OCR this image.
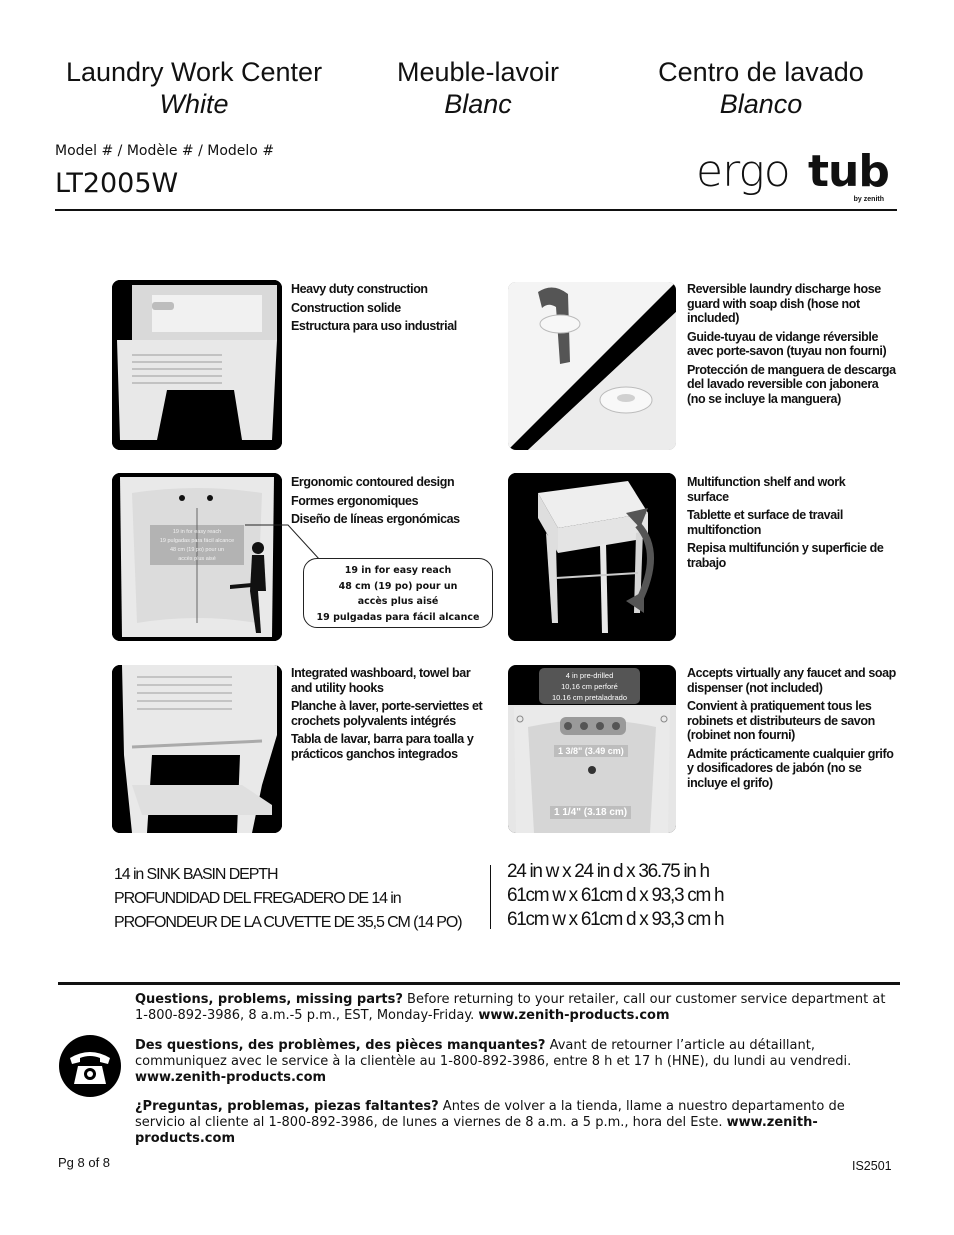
Laundry Work Center
White
Meuble-lavoir
Blanc
Centro de lavado
Blanco
Model # / Modèle # / Modelo #
LT2005W	ergo tub
by zenith
Heavy duty construction
Construction solide
Estructura para uso industrial
Reversible laundry discharge hose guard with soap dish (hose not included)
Guide-tuyau de vidange réversible avec porte-savon (tuyau non fourni)
Protección de manguera de descarga del lavado reversible con jabonera (no se incluye la manguera)
19 in for easy reach
19 pulgadas para fácil alcance
48 cm (19 po) pour un
accès plus aisé
Ergonomic contoured design
Formes ergonomiques
Diseño de líneas ergonómicas
19 in for easy reach
48 cm (19 po) pour un
accès plus aisé
19 pulgadas para fácil alcance
Multifunction shelf and work surface
Tablette et surface de travail multifonction
Repisa multifunción y superficie de trabajo
Integrated washboard, towel bar and utility hooks
Planche à laver, porte-serviettes et crochets polyvalents intégrés
Tabla de lavar, barra para toalla y prácticos ganchos integrados
4 in pre-drilled
10,16 cm perforé
10.16 cm pretaladrado
1 3/8" (3.49 cm)
1 1/4" (3.18 cm)
Accepts virtually any faucet and soap dispenser (not included)
Convient à pratiquement tous les robinets et distributeurs de savon (robinet non fourni)
Admite prácticamente cualquier grifo y dosificadores de jabón (no se incluye el grifo)
14 in SINK BASIN DEPTH
PROFUNDIDAD DEL FREGADERO DE 14 in
PROFONDEUR DE LA CUVETTE DE 35,5 CM (14 PO)
24 in w x 24 in d x 36.75 in h
61cm w x 61cm d x 93,3 cm h
61cm w x 61cm d x 93,3 cm h
Questions, problems, missing parts? Before returning to your retailer, call our customer service department at 1-800-892-3986, 8 a.m.-5 p.m., EST, Monday-Friday. www.zenith-products.com
Des questions, des problèmes, des pièces manquantes? Avant de retourner l’article au détaillant, communiquez avec le service à la clientèle au 1-800-892-3986, entre 8 h et 17 h (HNE), du lundi au vendredi. www.zenith-products.com
¿Preguntas, problemas, piezas faltantes? Antes de volver a la tienda, llame a nuestro departamento de servicio al cliente al 1-800-892-3986, de lunes a viernes de 8 a.m. a 5 p.m., hora del Este. www.zenith-products.com
Pg 8 of 8	IS2501
